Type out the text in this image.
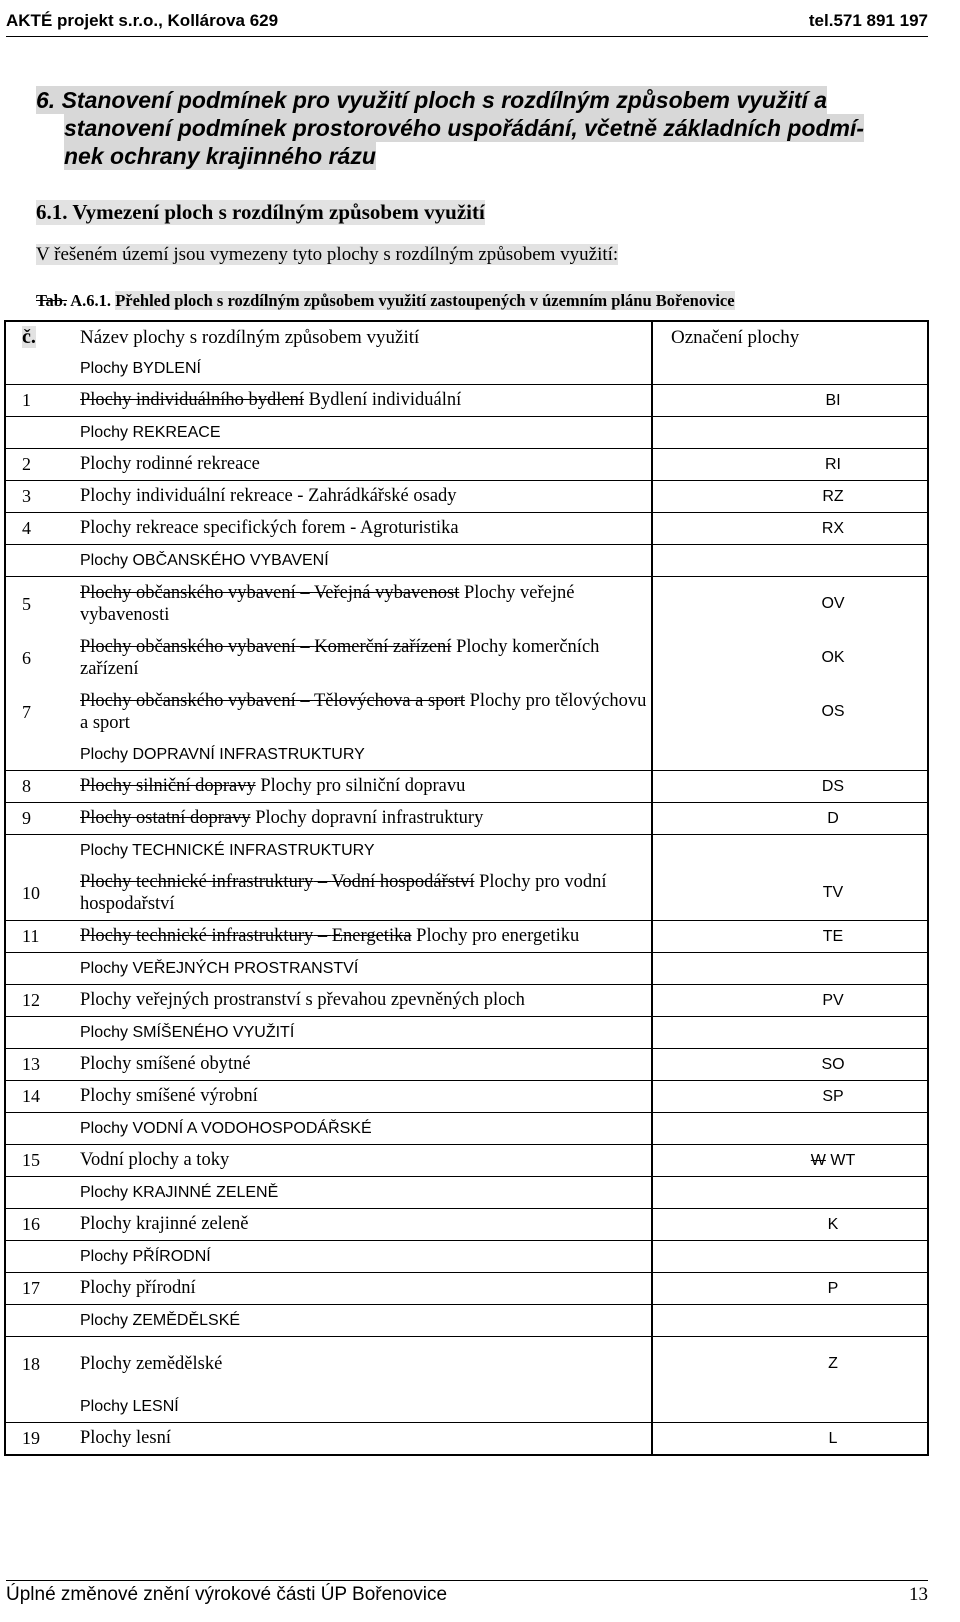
AKTÉ projekt s.r.o., Kollárova 629	tel.571 891 197
6. Stanovení podmínek pro využití ploch s rozdílným způsobem využití a
stanovení podmínek prostorového uspořádání, včetně základních podmí-
nek ochrany krajinného rázu
6.1. Vymezení ploch s rozdílným způsobem využití
V řešeném území jsou vymezeny tyto plochy s rozdílným způsobem využití:
Tab. A.6.1. Přehled ploch s rozdílným způsobem využití zastoupených v územním plánu Bořenovice
č.	Název plochy s rozdílným způsobem využití	Označení plochy
	Plochy BYDLENÍ	
1	Plochy individuálního bydlení Bydlení individuální	BI
	Plochy REKREACE	
2	Plochy rodinné rekreace	RI
3	Plochy individuální rekreace - Zahrádkářské osady	RZ
4	Plochy rekreace specifických forem - Agroturistika	RX
	Plochy OBČANSKÉHO VYBAVENÍ	
5	Plochy občanského vybavení – Veřejná vybavenost Plochy veřejné
vybavenosti	OV
6	Plochy občanského vybavení – Komerční zařízení Plochy komerčních
zařízení	OK
7	Plochy občanského vybavení – Tělovýchova a sport Plochy pro tělovýchovu
a sport	OS
	Plochy DOPRAVNÍ INFRASTRUKTURY	
8	Plochy silniční dopravy Plochy pro silniční dopravu	DS
9	Plochy ostatní dopravy Plochy dopravní infrastruktury	D
	Plochy TECHNICKÉ INFRASTRUKTURY	
10	Plochy technické infrastruktury – Vodní hospodářství Plochy pro vodní
hospodařství	TV
11	Plochy technické infrastruktury – Energetika Plochy pro energetiku	TE
	Plochy VEŘEJNÝCH PROSTRANSTVÍ	
12	Plochy veřejných prostranství s převahou zpevněných ploch	PV
	Plochy SMÍŠENÉHO VYUŽITÍ	
13	Plochy smíšené obytné	SO
14	Plochy smíšené výrobní	SP
	Plochy VODNÍ A VODOHOSPODÁŘSKÉ	
15	Vodní plochy a toky	W WT
	Plochy KRAJINNÉ ZELENĚ	
16	Plochy krajinné zeleně	K
	Plochy PŘÍRODNÍ	
17	Plochy přírodní	P
	Plochy ZEMĚDĚLSKÉ	
18	Plochy zemědělské	Z
	Plochy LESNÍ	
19	Plochy lesní	L
Úplné změnové znění výrokové části ÚP Bořenovice	13
